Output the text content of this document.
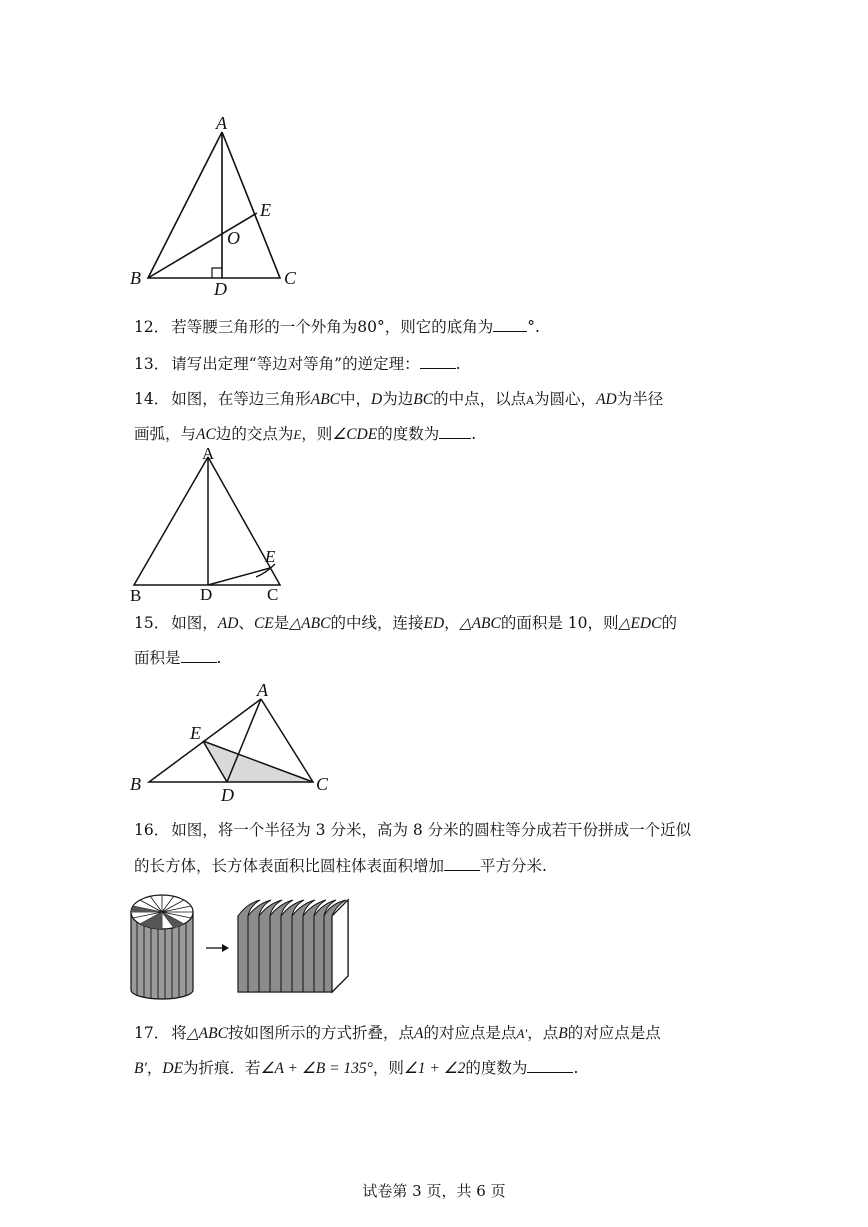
A
E
O
B	C
D
12． 若等腰三角形的一个外角为80°，则它的底角为 °.
13． 请写出定理“等边对等角”的逆定理： .
14． 如图，在等边三角形ABC中，D为边BC的中点，以点A为圆心，AD为半径
画弧，与AC边的交点为E，则∠CDE的度数为 .
A
E
B	D	C
15． 如图，AD、CE是△ABC的中线，连接ED，△ABC的面积是 10，则△EDC的
面积是 .
A
E
B	C
D
16． 如图，将一个半径为 3 分米，高为 8 分米的圆柱等分成若干份拼成一个近似
的长方体，长方体表面积比圆柱体表面积增加 平方分米.
17． 将△ABC按如图所示的方式折叠，点A的对应点是点A′，点B的对应点是点
B′，DE为折痕．若∠A + ∠B = 135°，则∠1 + ∠2的度数为	.
试卷第 3 页，共 6 页
